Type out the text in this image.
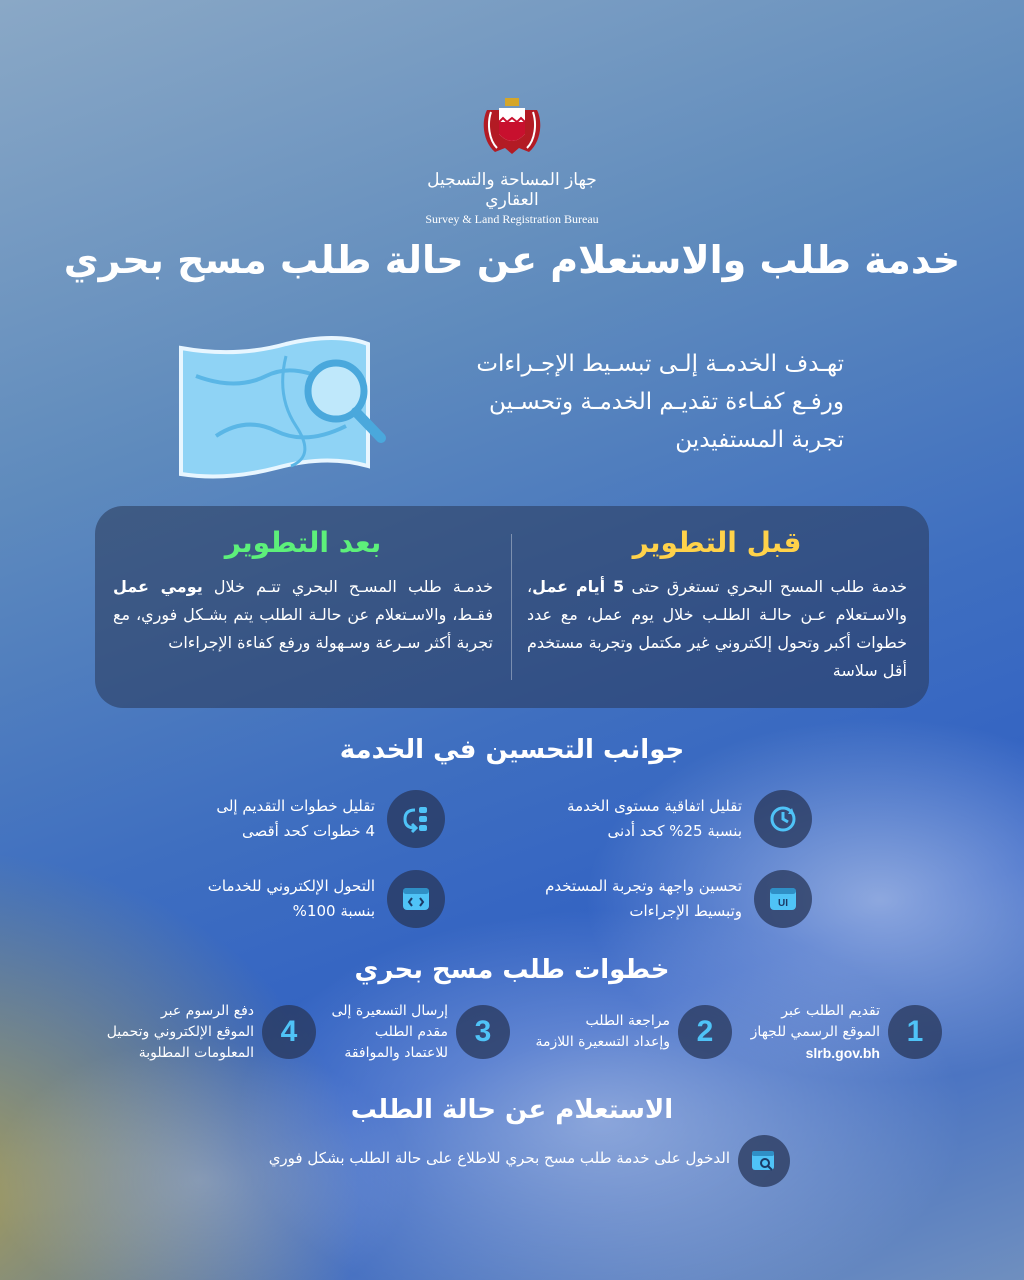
جهاز المساحة والتسجيل العقاري
Survey & Land Registration Bureau
خدمة طلب والاستعلام عن حالة طلب مسح بحري
تهـدف الخدمـة إلـى تبسـيط الإجـراءات
ورفـع كفـاءة تقديـم الخدمـة وتحسـين
تجربة المستفيدين
قبل التطوير

خدمة طلب المسح البحري تستغرق حتى 5 أيام عمل، والاسـتعلام عـن حالـة الطلـب خلال يوم عمل، مع عدد خطوات أكبر وتحول إلكتروني غير مكتمل وتجربة مستخدم أقل سلاسة

بعد التطوير

خدمـة طلب المسـح البحري تتـم خلال يومي عمل فقـط، والاسـتعلام عن حالـة الطلب يتم بشـكل فوري، مع تجربة أكثر سـرعة وسـهولة ورفع كفاءة الإجراءات

جوانب التحسين في الخدمة
تقليل اتفاقية مستوى الخدمة
بنسبة 25% كحد أدنى
تقليل خطوات التقديم إلى
4 خطوات كحد أقصى
UI
تحسين واجهة وتجربة المستخدم
وتبسيط الإجراءات
التحول الإلكتروني للخدمات
بنسبة 100%
خطوات طلب مسح بحري
1
تقديم الطلب عبر
الموقع الرسمي للجهاز
slrb.gov.bh
2
مراجعة الطلب
وإعداد التسعيرة اللازمة
3
إرسال التسعيرة إلى
مقدم الطلب
للاعتماد والموافقة
4
دفع الرسوم عبر
الموقع الإلكتروني وتحميل
المعلومات المطلوبة
الاستعلام عن حالة الطلب
الدخول على خدمة طلب مسح بحري للاطلاع على حالة الطلب بشكل فوري
